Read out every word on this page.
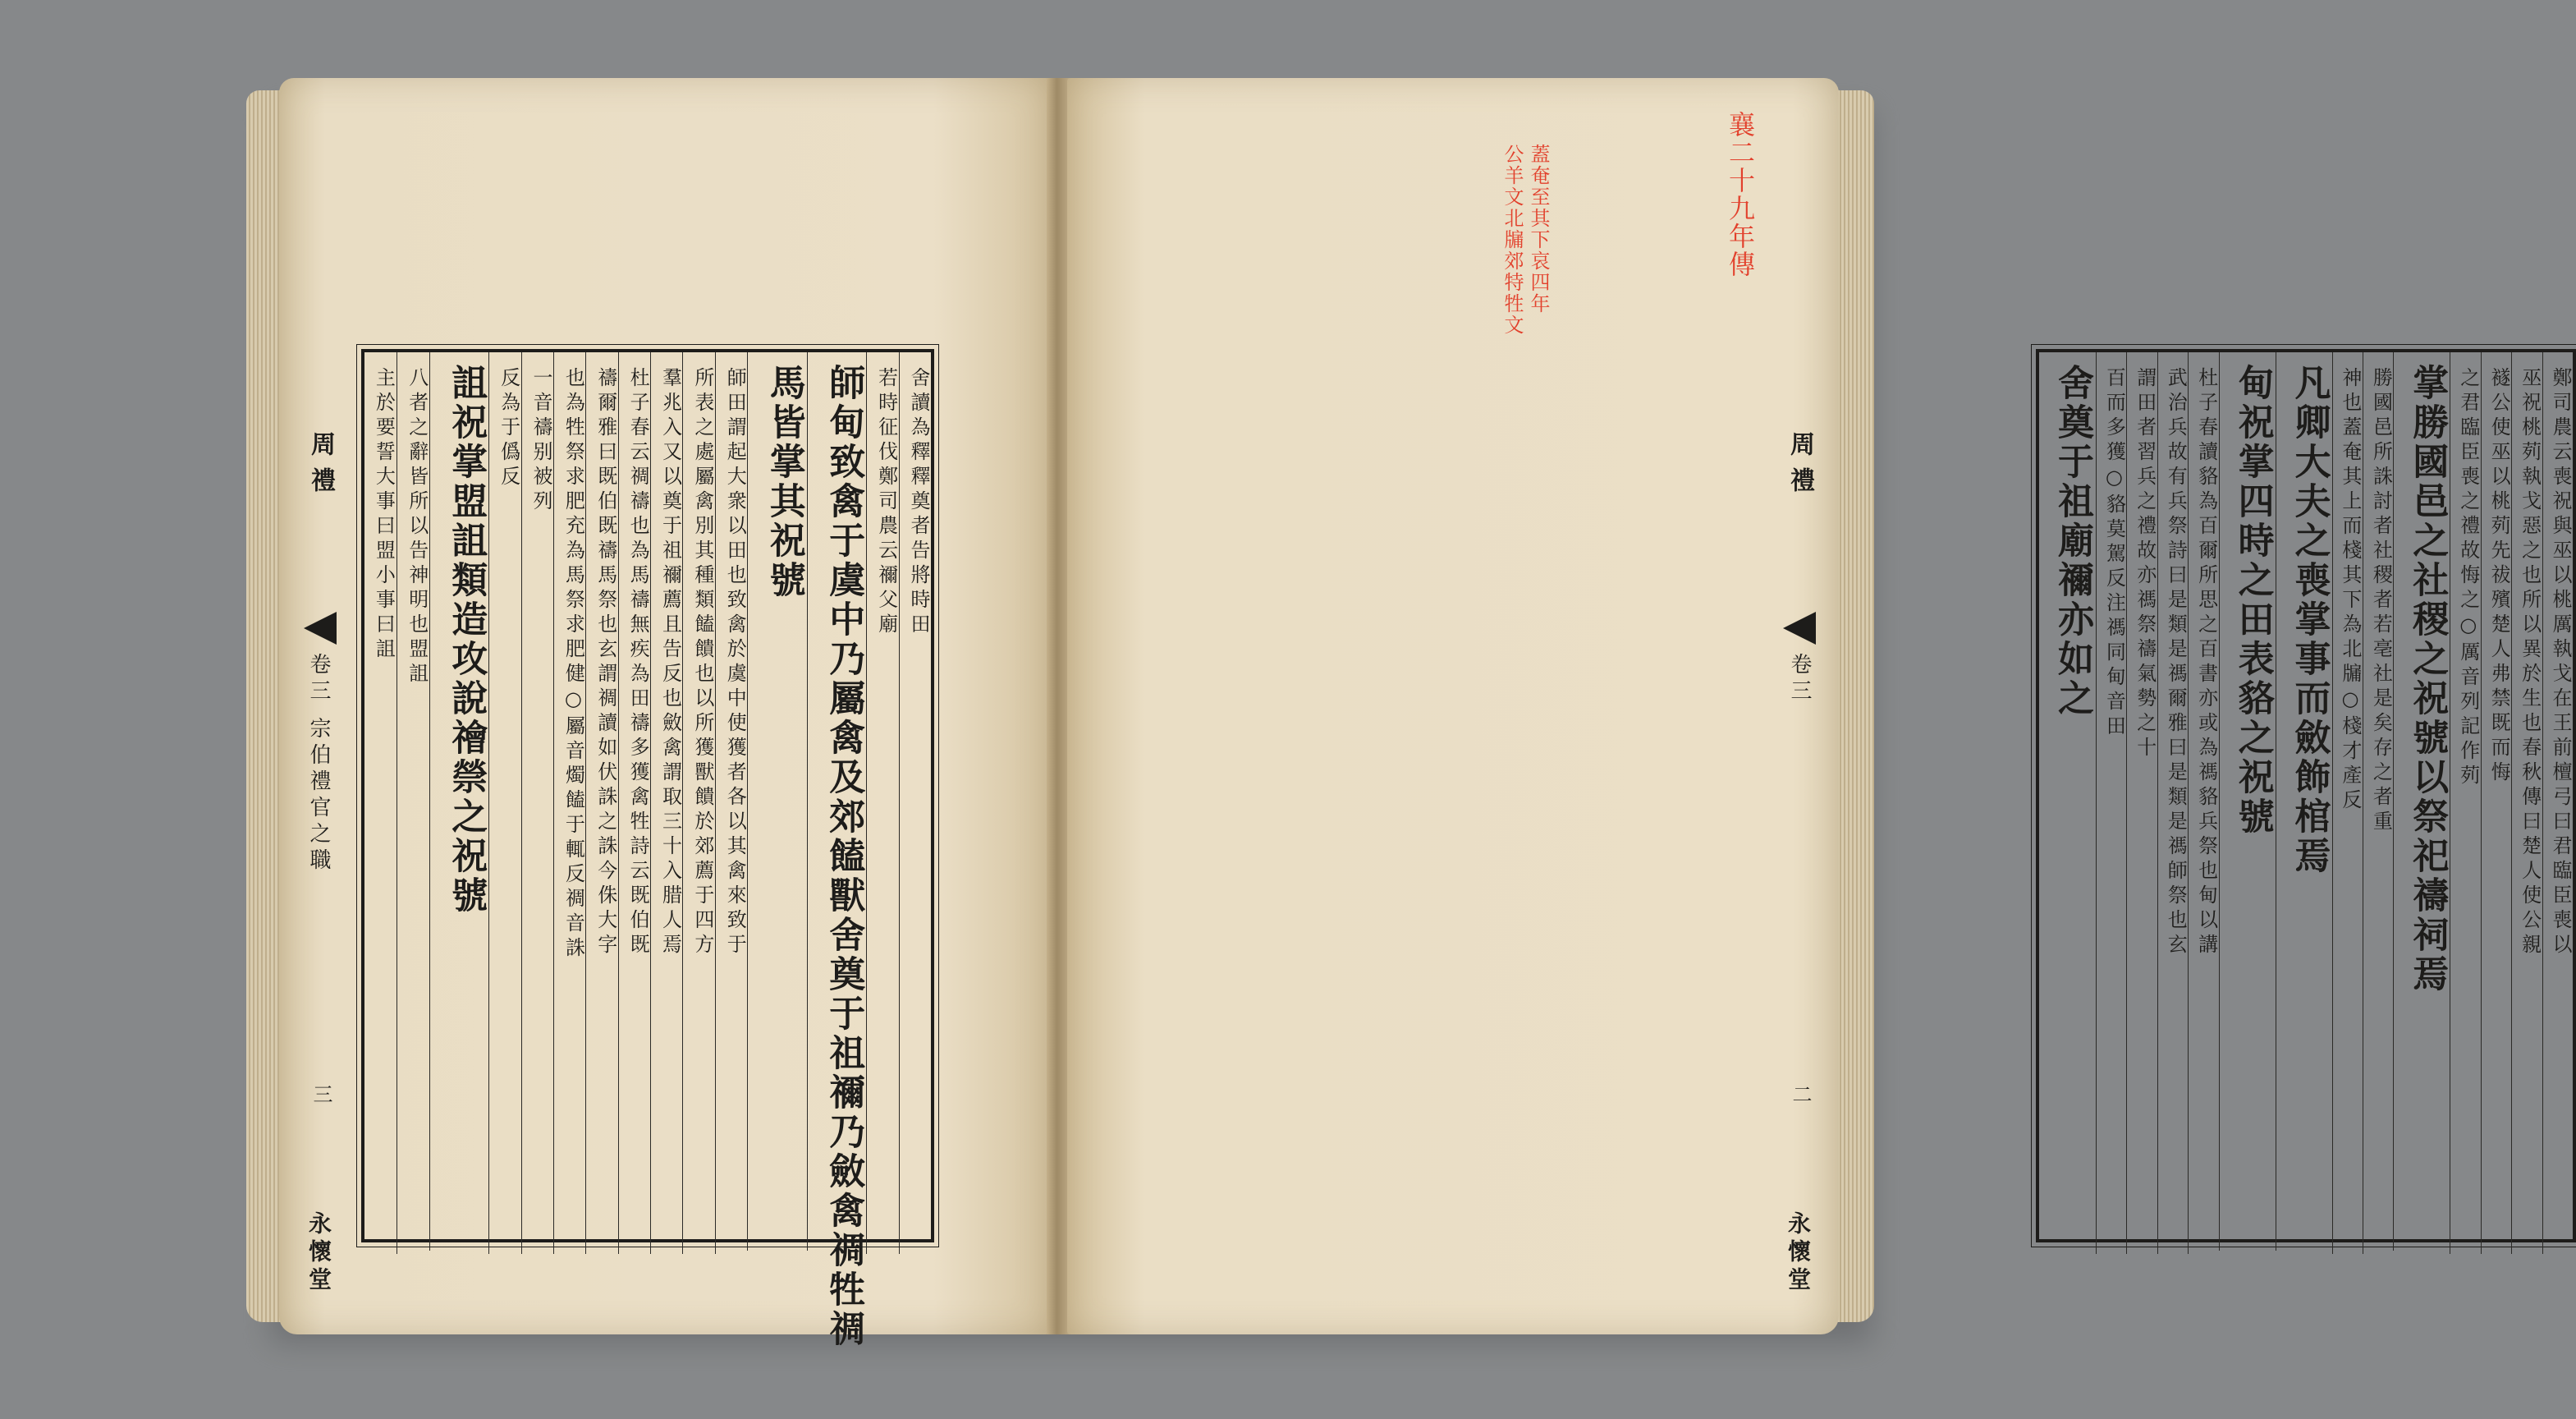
舍讀為釋釋奠者告將時田
若時征伐鄭司農云禰父廟
師甸致禽于虞中乃屬禽及郊饁獸舍奠于祖禰乃斂禽禂牲禂
馬皆掌其祝號
師田謂起大衆以田也致禽於虞中使獲者各以其禽來致于
所表之處屬禽別其種類饁饋也以所獲獸饋於郊薦于四方
羣兆入又以奠于祖禰薦且告反也斂禽謂取三十入腊人焉
杜子春云禂禱也為馬禱無疾為田禱多獲禽牲詩云既伯既
禱爾雅曰既伯既禱馬祭也玄謂禂讀如伏誅之誅今侏大字
也為牲祭求肥充為馬祭求肥健○屬音燭饁于輒反禂音誅
一音禱别被列
反為于僞反
詛祝掌盟詛類造攻說禬禜之祝號
八者之辭皆所以告神明也盟詛
主於要誓大事曰盟小事曰詛
周禮
卷三 宗伯禮官之職
三
永懷堂
鄭司農云喪祝與巫以桃厲執戈在王前檀弓曰君臨臣喪以
巫祝桃茢執戈惡之也所以異於生也春秋傳曰楚人使公親
襚公使巫以桃茢先祓殯楚人弗禁既而悔
之君臨臣喪之禮故悔之○厲音列記作茢
掌勝國邑之社稷之祝號以祭祀禱祠焉
勝國邑所誅討者社稷者若亳社是矣存之者重
神也蓋奄其上而棧其下為北牖○棧才產反
凡卿大夫之喪掌事而斂飾棺焉
甸祝掌四時之田表貉之祝號
杜子春讀貉為百爾所思之百書亦或為禡貉兵祭也甸以講
武治兵故有兵祭詩曰是類是禡爾雅曰是類是禡師祭也玄
謂田者習兵之禮故亦禡祭禱氣勢之十
百而多獲○貉莫駕反注禡同甸音田
舍奠于祖廟禰亦如之
周禮
卷三
二
永懷堂
襄二十九年傳
蓋奄至其下哀四年
公羊文北牖郊特牲文
